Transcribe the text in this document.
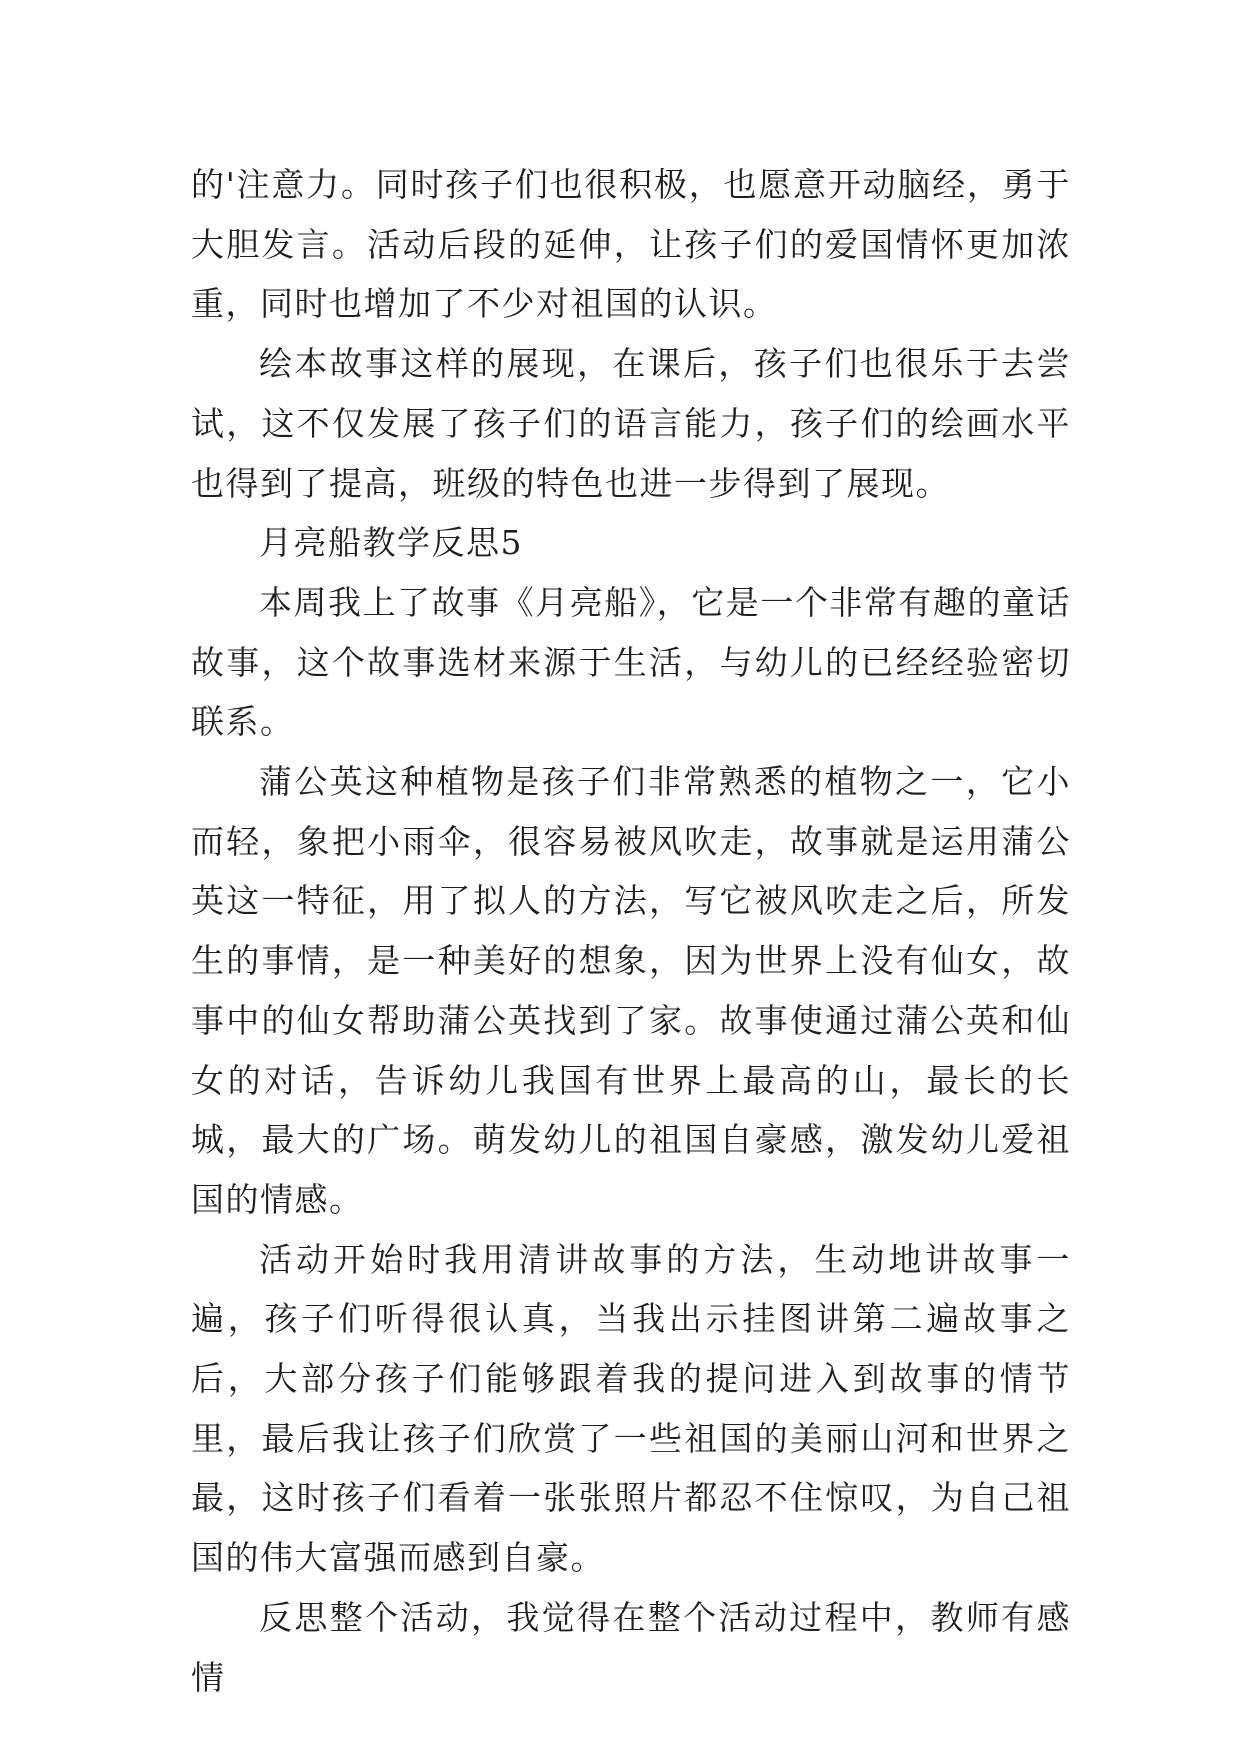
的'注意力。同时孩子们也很积极，也愿意开动脑经，勇于大胆发言。活动后段的延伸，让孩子们的爱国情怀更加浓重，同时也增加了不少对祖国的认识。

绘本故事这样的展现，在课后，孩子们也很乐于去尝试，这不仅发展了孩子们的语言能力，孩子们的绘画水平也得到了提高，班级的特色也进一步得到了展现。

月亮船教学反思5

本周我上了故事《月亮船》，它是一个非常有趣的童话故事，这个故事选材来源于生活，与幼儿的已经经验密切联系。

蒲公英这种植物是孩子们非常熟悉的植物之一，它小而轻，象把小雨伞，很容易被风吹走，故事就是运用蒲公英这一特征，用了拟人的方法，写它被风吹走之后，所发生的事情，是一种美好的想象，因为世界上没有仙女，故事中的仙女帮助蒲公英找到了家。故事使通过蒲公英和仙女的对话，告诉幼儿我国有世界上最高的山，最长的长城，最大的广场。萌发幼儿的祖国自豪感，激发幼儿爱祖国的情感。

活动开始时我用清讲故事的方法，生动地讲故事一遍，孩子们听得很认真，当我出示挂图讲第二遍故事之后，大部分孩子们能够跟着我的提问进入到故事的情节里，最后我让孩子们欣赏了一些祖国的美丽山河和世界之最，这时孩子们看着一张张照片都忍不住惊叹，为自己祖国的伟大富强而感到自豪。

反思整个活动，我觉得在整个活动过程中，教师有感情
